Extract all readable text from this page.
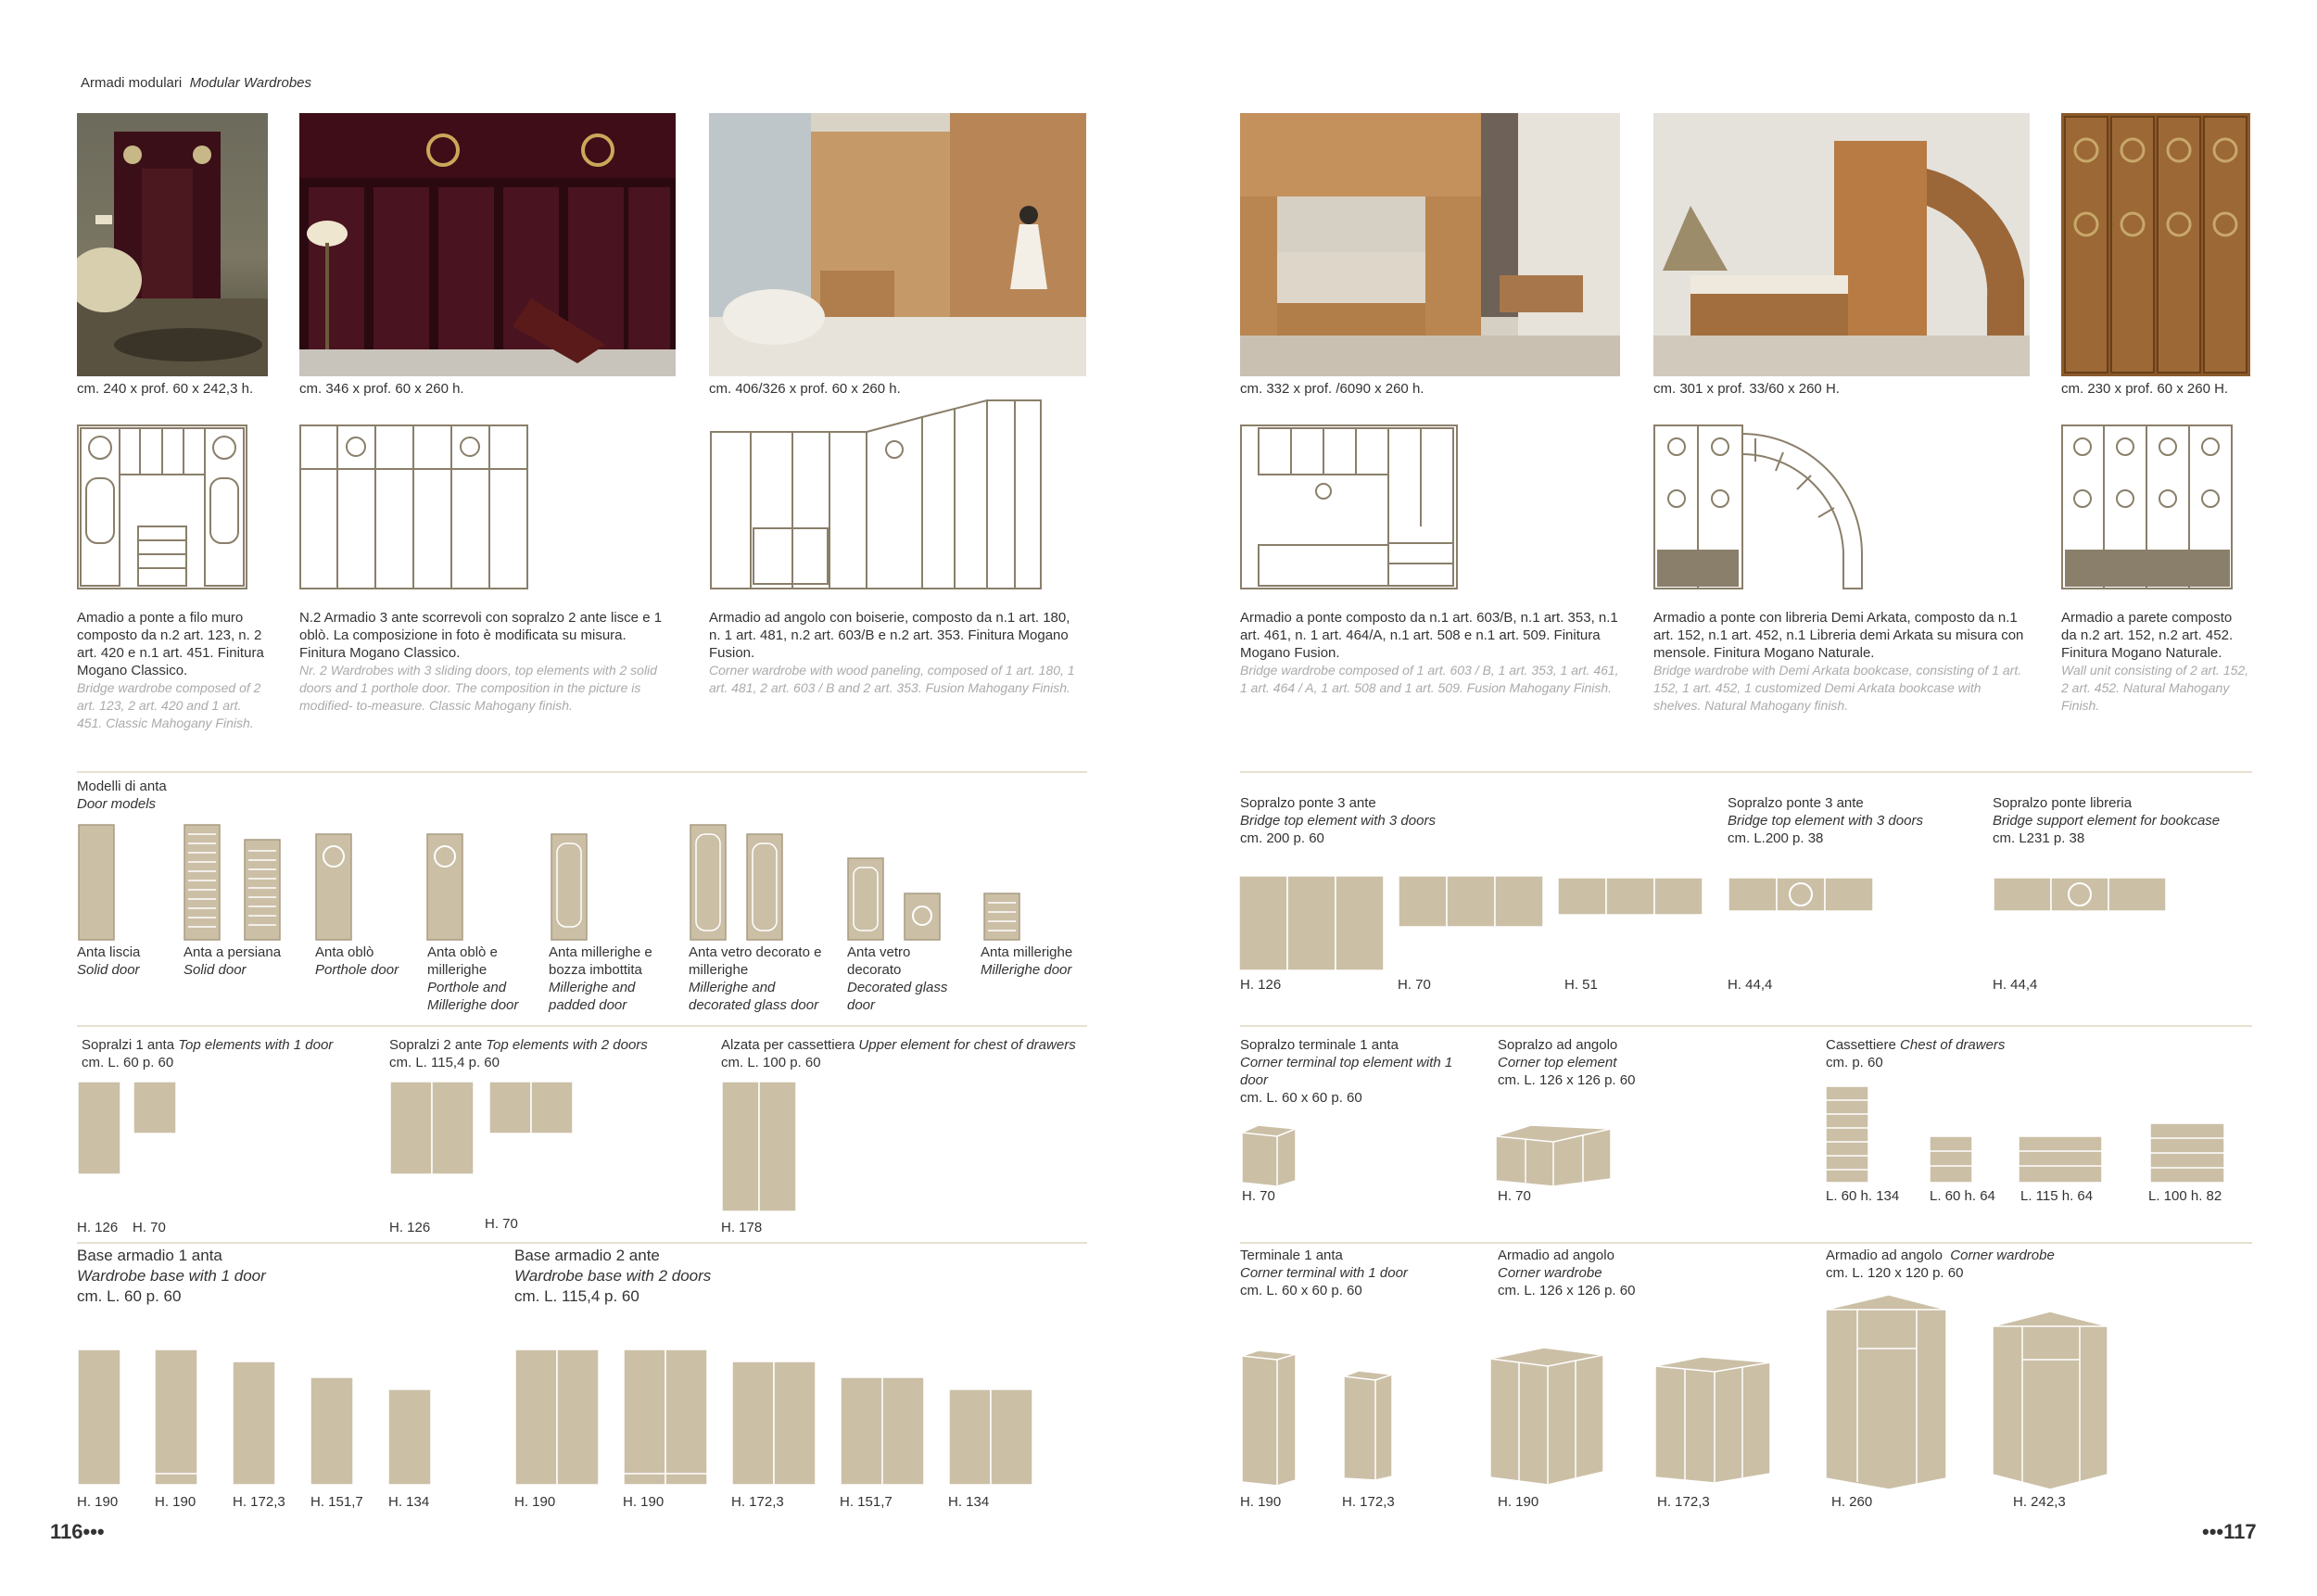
Armadi modulari Modular Wardrobes
cm. 240 x prof. 60 x 242,3 h.	cm. 346 x prof. 60 x 260 h.	cm. 406/326 x prof. 60 x 260 h.	cm. 332 x prof. /6090 x 260 h.	cm. 301 x prof. 33/60 x 260 H.	cm. 230 x prof. 60 x 260 H.
Amadio a ponte a filo muro composto da n.2 art. 123, n. 2 art. 420 e n.1 art. 451. Finitura Mogano Classico.
Bridge wardrobe composed of 2 art. 123, 2 art. 420 and 1 art. 451. Classic Mahogany Finish.
N.2 Armadio 3 ante scorrevoli con sopralzo 2 ante lisce e 1 oblò. La composizione in foto è modificata su misura. Finitura Mogano Classico.
Nr. 2 Wardrobes with 3 sliding doors, top elements with 2 solid doors and 1 porthole door. The composition in the picture is modified- to-measure. Classic Mahogany finish.
Armadio ad angolo con boiserie, composto da n.1 art. 180, n. 1 art. 481, n.2 art. 603/B e n.2 art. 353. Finitura Mogano Fusion.
Corner wardrobe with wood paneling, composed of 1 art. 180, 1 art. 481, 2 art. 603 / B and 2 art. 353. Fusion Mahogany Finish.
Armadio a ponte composto da n.1 art. 603/B, n.1 art. 353, n.1 art. 461, n. 1 art. 464/A, n.1 art. 508 e n.1 art. 509. Finitura Mogano Fusion.
Bridge wardrobe composed of 1 art. 603 / B, 1 art. 353, 1 art. 461, 1 art. 464 / A, 1 art. 508 and 1 art. 509. Fusion Mahogany Finish.
Armadio a ponte con libreria Demi Arkata, composto da n.1 art. 152, n.1 art. 452, n.1 Libreria demi Arkata su misura con mensole. Finitura Mogano Naturale.
Bridge wardrobe with Demi Arkata bookcase, consisting of 1 art. 152, 1 art. 452, 1 customized Demi Arkata bookcase with shelves. Natural Mahogany finish.
Armadio a parete composto da n.2 art. 152, n.2 art. 452. Finitura Mogano Naturale.
Wall unit consisting of 2 art. 152, 2 art. 452. Natural Mahogany Finish.
Modelli di anta
Door models
Anta liscia
Solid door
Anta a persiana
Solid door
Anta oblò
Porthole door
Anta oblò e millerighe
Porthole and Millerighe door
Anta millerighe e bozza imbottita
Millerighe and padded door
Anta vetro decorato e millerighe
Millerighe and decorated glass door
Anta vetro decorato
Decorated glass door
Anta millerighe
Millerighe door
Sopralzi 1 anta Top elements with 1 door
cm. L. 60 p. 60
H. 126 H. 70
Sopralzi 2 ante Top elements with 2 doors
cm. L. 115,4 p. 60
H. 126	H. 70
Alzata per cassettiera Upper element for chest of drawers
cm. L. 100 p. 60
H. 178
Base armadio 1 anta
Wardrobe base with 1 door
cm. L. 60 p. 60
H. 190	H. 190	H. 172,3 H. 151,7 H. 134
Base armadio 2 ante
Wardrobe base with 2 doors
cm. L. 115,4 p. 60
H. 190	H. 190	H. 172,3	H. 151,7	H. 134
Sopralzo ponte 3 ante
Bridge top element with 3 doors
cm. 200 p. 60
H. 126	H. 70	H. 51
Sopralzo ponte 3 ante
Bridge top element with 3 doors
cm. L.200 p. 38
H. 44,4
Sopralzo ponte libreria
Bridge support element for bookcase
cm. L231 p. 38
H. 44,4
Sopralzo terminale 1 anta
Corner terminal top element with 1 door
cm. L. 60 x 60 p. 60
H. 70
Sopralzo ad angolo
Corner top element
cm. L. 126 x 126 p. 60
H. 70
Cassettiere Chest of drawers
cm. p. 60
L. 60 h. 134 L. 60 h. 64 L. 115 h. 64	L. 100 h. 82
Terminale 1 anta
Corner terminal with 1 door
cm. L. 60 x 60 p. 60
H. 190	H. 172,3
Armadio ad angolo
Corner wardrobe
cm. L. 126 x 126 p. 60
H. 190	H. 172,3
Armadio ad angolo Corner wardrobe
cm. L. 120 x 120 p. 60
H. 260	H. 242,3
116•••	•••117
